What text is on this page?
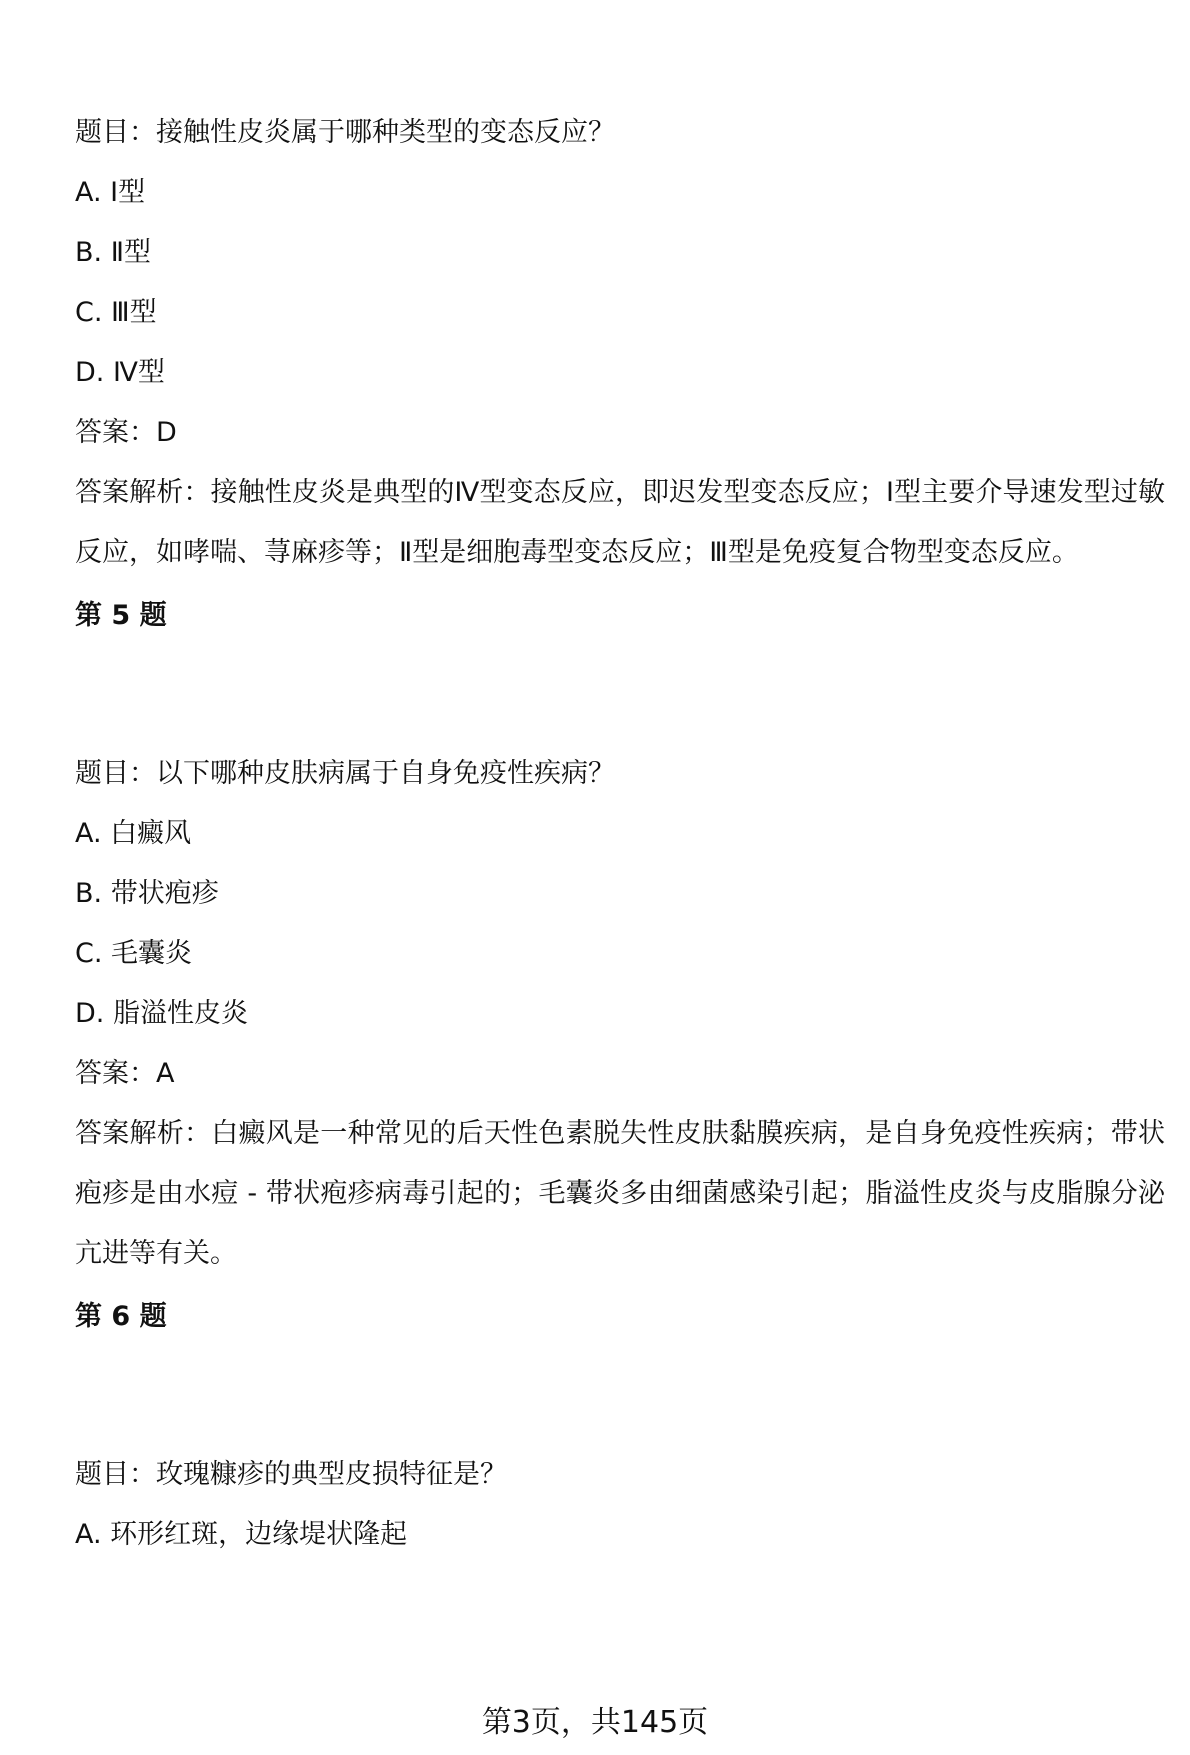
题目：接触性皮炎属于哪种类型的变态反应？
A. Ⅰ型
B. Ⅱ型
C. Ⅲ型
D. Ⅳ型
答案：D
答案解析：接触性皮炎是典型的Ⅳ型变态反应，即迟发型变态反应；Ⅰ型主要介导速发型过敏反应，如哮喘、荨麻疹等；Ⅱ型是细胞毒型变态反应；Ⅲ型是免疫复合物型变态反应。
第 5 题
题目：以下哪种皮肤病属于自身免疫性疾病？
A. 白癜风
B. 带状疱疹
C. 毛囊炎
D. 脂溢性皮炎
答案：A
答案解析：白癜风是一种常见的后天性色素脱失性皮肤黏膜疾病，是自身免疫性疾病；带状疱疹是由水痘 - 带状疱疹病毒引起的；毛囊炎多由细菌感染引起；脂溢性皮炎与皮脂腺分泌亢进等有关。
第 6 题
题目：玫瑰糠疹的典型皮损特征是？
A. 环形红斑，边缘堤状隆起
第3页，共145页
